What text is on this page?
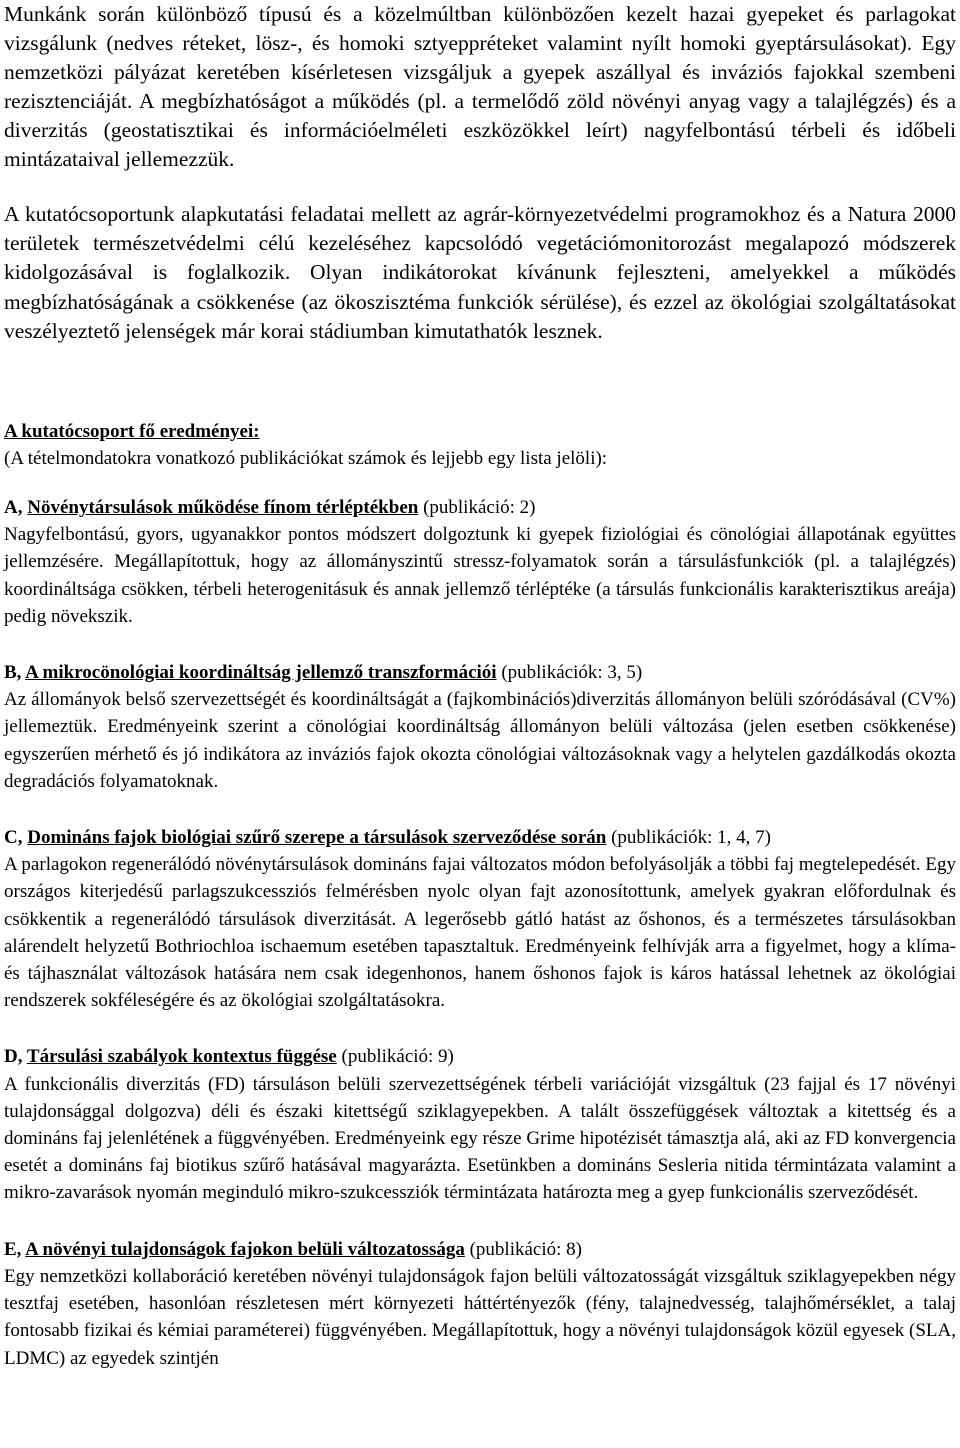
Munkánk során különböző típusú és a közelmúltban különbözően kezelt hazai gyepeket és parlagokat vizsgálunk (nedves réteket, lösz-, és homoki sztyeppréteket valamint nyílt homoki gyeptársulásokat). Egy nemzetközi pályázat keretében kísérletesen vizsgáljuk a gyepek aszállyal és inváziós fajokkal szembeni rezisztenciáját. A megbízhatóságot a működés (pl. a termelődő zöld növényi anyag vagy a talajlégzés) és a diverzitás (geostatisztikai és információelméleti eszközökkel leírt) nagyfelbontású térbeli és időbeli mintázataival jellemezzük.

A kutatócsoportunk alapkutatási feladatai mellett az agrár-környezetvédelmi programokhoz és a Natura 2000 területek természetvédelmi célú kezeléséhez kapcsolódó vegetációmonitorozást megalapozó módszerek kidolgozásával is foglalkozik. Olyan indikátorokat kívánunk fejleszteni, amelyekkel a működés megbízhatóságának a csökkenése (az ökoszisztéma funkciók sérülése), és ezzel az ökológiai szolgáltatásokat veszélyeztető jelenségek már korai stádiumban kimutathatók lesznek.

A kutatócsoport fő eredményei:
(A tételmondatokra vonatkozó publikációkat számok és lejjebb egy lista jelöli):
A, Növénytársulások működése fínom térléptékben (publikáció: 2)

Nagyfelbontású, gyors, ugyanakkor pontos módszert dolgoztunk ki gyepek fiziológiai és cönológiai állapotának együttes jellemzésére. Megállapítottuk, hogy az állományszintű stressz-folyamatok során a társulásfunkciók (pl. a talajlégzés) koordináltsága csökken, térbeli heterogenitásuk és annak jellemző térléptéke (a társulás funkcionális karakterisztikus areája) pedig növekszik.

B, A mikrocönológiai koordináltság jellemző transzformációi (publikációk: 3, 5)

Az állományok belső szervezettségét és koordináltságát a (fajkombinációs)diverzitás állományon belüli szóródásával (CV%) jellemeztük. Eredményeink szerint a cönológiai koordináltság állományon belüli változása (jelen esetben csökkenése) egyszerűen mérhető és jó indikátora az inváziós fajok okozta cönológiai változásoknak vagy a helytelen gazdálkodás okozta degradációs folyamatoknak.

C, Domináns fajok biológiai szűrő szerepe a társulások szerveződése során (publikációk: 1, 4, 7)

A parlagokon regenerálódó növénytársulások domináns fajai változatos módon befolyásolják a többi faj megtelepedését. Egy országos kiterjedésű parlagszukcessziós felmérésben nyolc olyan fajt azonosítottunk, amelyek gyakran előfordulnak és csökkentik a regenerálódó társulások diverzitását. A legerősebb gátló hatást az őshonos, és a természetes társulásokban alárendelt helyzetű Bothriochloa ischaemum esetében tapasztaltuk. Eredményeink felhívják arra a figyelmet, hogy a klíma- és tájhasználat változások hatására nem csak idegenhonos, hanem őshonos fajok is káros hatással lehetnek az ökológiai rendszerek sokféleségére és az ökológiai szolgáltatásokra.

D, Társulási szabályok kontextus függése (publikáció: 9)

A funkcionális diverzitás (FD) társuláson belüli szervezettségének térbeli variációját vizsgáltuk (23 fajjal és 17 növényi tulajdonsággal dolgozva) déli és északi kitettségű sziklagyepekben. A talált összefüggések változtak a kitettség és a domináns faj jelenlétének a függvényében. Eredményeink egy része Grime hipotézisét támasztja alá, aki az FD konvergencia esetét a domináns faj biotikus szűrő hatásával magyarázta. Esetünkben a domináns Sesleria nitida términtázata valamint a mikro-zavarások nyomán meginduló mikro-szukcessziók términtázata határozta meg a gyep funkcionális szerveződését.

E, A növényi tulajdonságok fajokon belüli változatossága (publikáció: 8)

Egy nemzetközi kollaboráció keretében növényi tulajdonságok fajon belüli változatosságát vizsgáltuk sziklagyepekben négy tesztfaj esetében, hasonlóan részletesen mért környezeti háttértényezők (fény, talajnedvesség, talajhőmérséklet, a talaj fontosabb fizikai és kémiai paraméterei) függvényében. Megállapítottuk, hogy a növényi tulajdonságok közül egyesek (SLA, LDMC) az egyedek szintjén
